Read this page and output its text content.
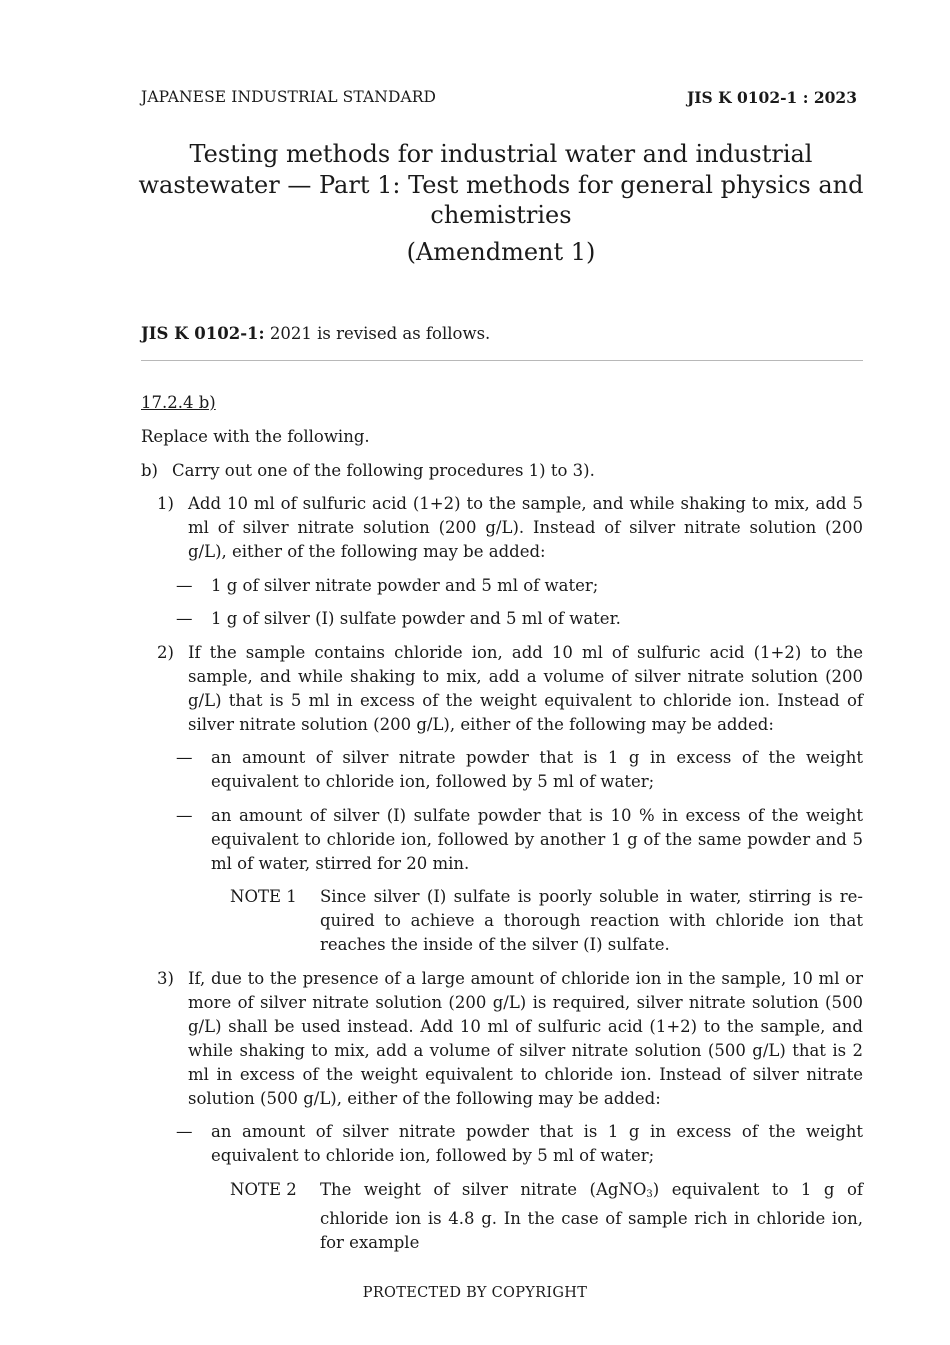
JAPANESE INDUSTRIAL STANDARD	JIS K 0102-1 : 2023
Testing methods for industrial water and industrial
wastewater — Part 1: Test methods for general physics and
chemistries
(Amendment 1)
JIS K 0102-1: 2021 is revised as follows.

17.2.4 b)

Replace with the following.

b) Carry out one of the following procedures 1) to 3).
1) Add 10 ml of sulfuric acid (1+2) to the sample, and while shaking to mix, add 5 ml of silver nitrate solution (200 g/L). Instead of silver nitrate solution (200 g/L), either of the following may be added:
—	1 g of silver nitrate powder and 5 ml of water;
—	1 g of silver (I) sulfate powder and 5 ml of water.
2) If the sample contains chloride ion, add 10 ml of sulfuric acid (1+2) to the sample, and while shaking to mix, add a volume of silver nitrate solution (200 g/L) that is 5 ml in excess of the weight equivalent to chloride ion. Instead of silver nitrate solution (200 g/L), either of the following may be added:
—	an amount of silver nitrate powder that is 1 g in excess of the weight equivalent to chloride ion, followed by 5 ml of water;
—	an amount of silver (I) sulfate powder that is 10 % in excess of the weight equivalent to chloride ion, followed by another 1 g of the same powder and 5 ml of water, stirred for 20 min.
NOTE 1	Since silver (I) sulfate is poorly soluble in water, stirring is re-quired to achieve a thorough reaction with chloride ion that reaches the inside of the silver (I) sulfate.
3) If, due to the presence of a large amount of chloride ion in the sample, 10 ml or more of silver nitrate solution (200 g/L) is required, silver nitrate solution (500 g/L) shall be used instead. Add 10 ml of sulfuric acid (1+2) to the sample, and while shaking to mix, add a volume of silver nitrate solution (500 g/L) that is 2 ml in excess of the weight equivalent to chloride ion. Instead of silver nitrate solution (500 g/L), either of the following may be added:
—	an amount of silver nitrate powder that is 1 g in excess of the weight equivalent to chloride ion, followed by 5 ml of water;
NOTE 2	The weight of silver nitrate (AgNO$_3$) equivalent to 1 g of chloride ion is 4.8 g. In the case of sample rich in chloride ion, for example
PROTECTED BY COPYRIGHT
